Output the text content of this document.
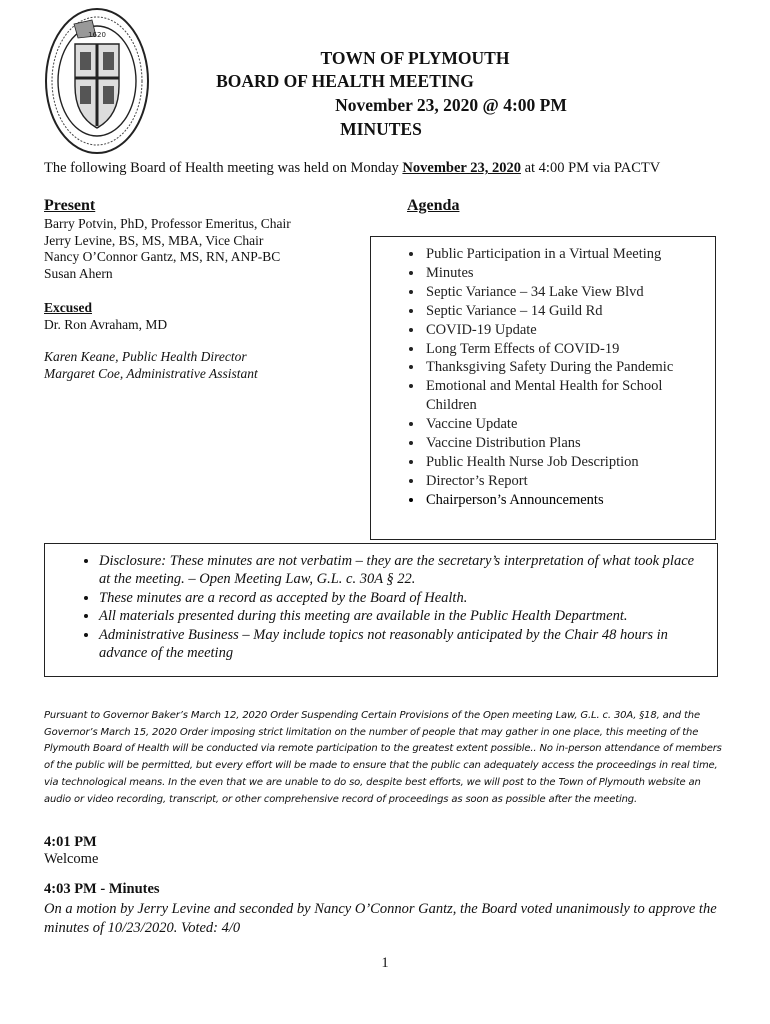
1620
TOWN OF PLYMOUTH
BOARD OF HEALTH MEETING
November 23, 2020 @ 4:00 PM
MINUTES
The following Board of Health meeting was held on Monday November 23, 2020 at 4:00 PM via PACTV
Present
Barry Potvin, PhD, Professor Emeritus, Chair
Jerry Levine, BS, MS, MBA, Vice Chair
Nancy O’Connor Gantz, MS, RN, ANP-BC
Susan Ahern
Excused
Dr. Ron Avraham, MD
Karen Keane, Public Health Director
Margaret Coe, Administrative Assistant
Agenda
• Public Participation in a Virtual Meeting
• Minutes
• Septic Variance – 34 Lake View Blvd
• Septic Variance – 14 Guild Rd
• COVID-19 Update
• Long Term Effects of COVID-19
• Thanksgiving Safety During the Pandemic
• Emotional and Mental Health for School Children
• Vaccine Update
• Vaccine Distribution Plans
• Public Health Nurse Job Description
• Director’s Report
• Chairperson’s Announcements
• Disclosure: These minutes are not verbatim – they are the secretary’s interpretation of what took place at the meeting. – Open Meeting Law, G.L. c. 30A § 22.
• These minutes are a record as accepted by the Board of Health.
• All materials presented during this meeting are available in the Public Health Department.
• Administrative Business – May include topics not reasonably anticipated by the Chair 48 hours in advance of the meeting
Pursuant to Governor Baker’s March 12, 2020 Order Suspending Certain Provisions of the Open meeting Law, G.L. c. 30A, §18, and the Governor’s March 15, 2020 Order imposing strict limitation on the number of people that may gather in one place, this meeting of the Plymouth Board of Health will be conducted via remote participation to the greatest extent possible.. No in-person attendance of members of the public will be permitted, but every effort will be made to ensure that the public can adequately access the proceedings in real time, via technological means. In the even that we are unable to do so, despite best efforts, we will post to the Town of Plymouth website an audio or video recording, transcript, or other comprehensive record of proceedings as soon as possible after the meeting.
4:01 PM
Welcome
4:03 PM - Minutes
On a motion by Jerry Levine and seconded by Nancy O’Connor Gantz, the Board voted unanimously to approve the minutes of 10/23/2020. Voted: 4/0
1
